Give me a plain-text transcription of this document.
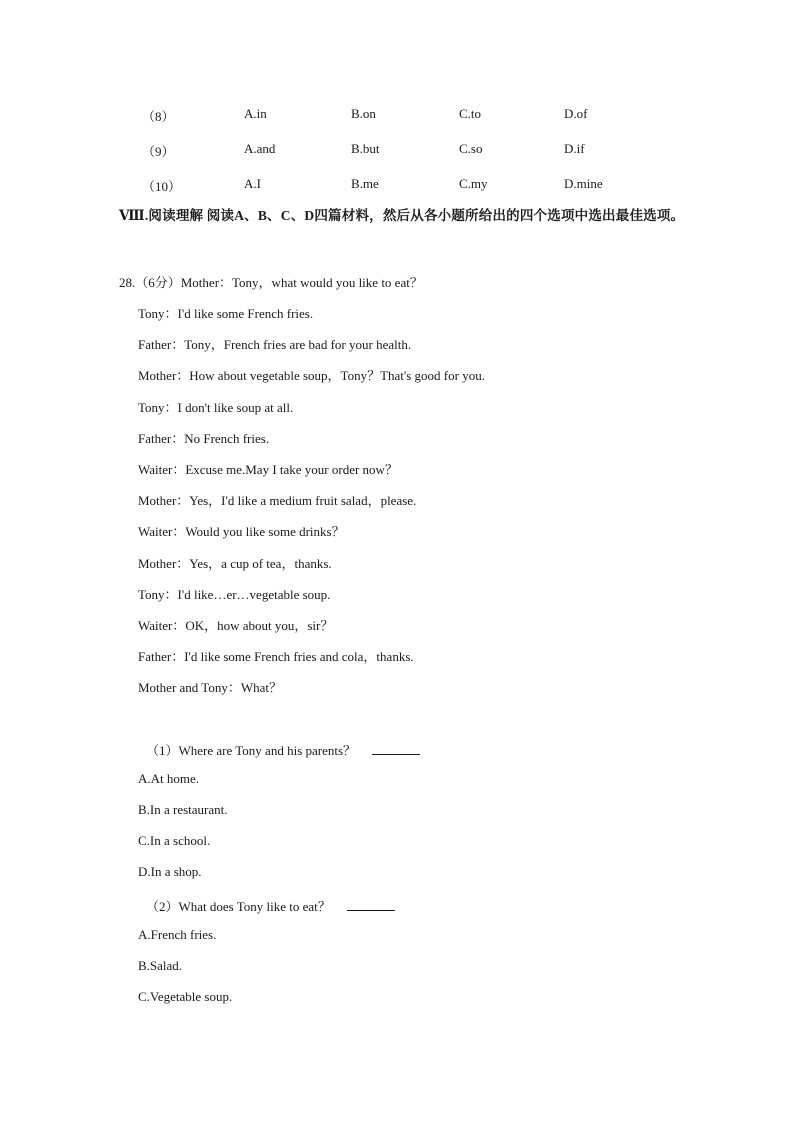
（8）	A.in	B.on	C.to	D.of
（9）	A.and	B.but	C.so	D.if
（10）	A.I	B.me	C.my	D.mine
Ⅷ.阅读理解 阅读A、B、C、D四篇材料，然后从各小题所给出的四个选项中选出最佳选项。
28.（6分）Mother：Tony，what would you like to eat？
Tony：I'd like some French fries.
Father：Tony，French fries are bad for your health.
Mother：How about vegetable soup，Tony？That's good for you.
Tony：I don't like soup at all.
Father：No French fries.
Waiter：Excuse me.May I take your order now？
Mother：Yes，I'd like a medium fruit salad，please.
Waiter：Would you like some drinks？
Mother：Yes，a cup of tea，thanks.
Tony：I'd like…er…vegetable soup.
Waiter：OK，how about you，sir？
Father：I'd like some French fries and cola，thanks.
Mother and Tony：What？
（1）Where are Tony and his parents？
A.At home.
B.In a restaurant.
C.In a school.
D.In a shop.
（2）What does Tony like to eat？
A.French fries.
B.Salad.
C.Vegetable soup.
